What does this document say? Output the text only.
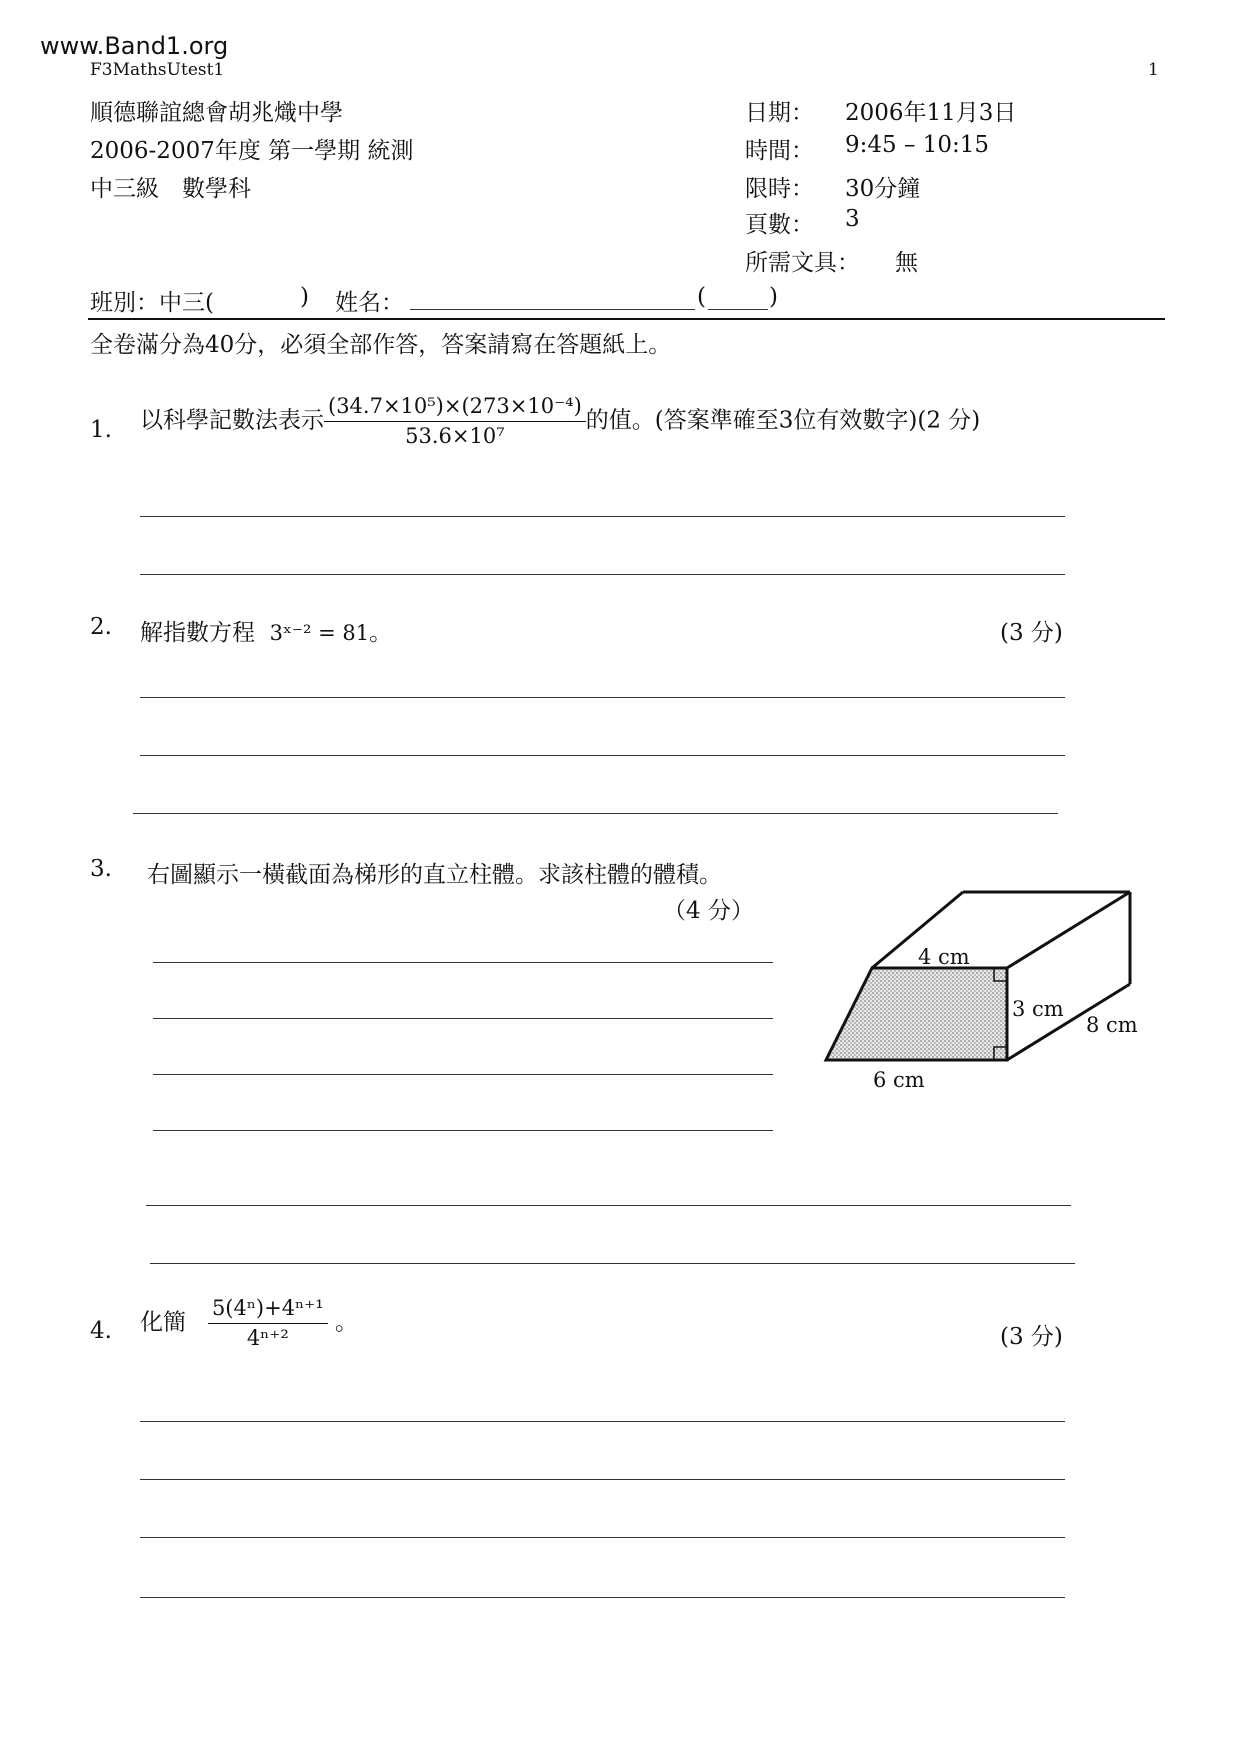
www.Band1.org
F3MathsUtest1	1
順德聯誼總會胡兆熾中學
2006-2007年度 第一學期 統測
中三級　數學科
日期： 2006年11月3日
時間： 9:45 – 10:15
限時： 30分鐘
頁數： 3
所需文具： 無
班別：中三(	) 姓名：	(	)
全卷滿分為40分，必須全部作答，答案請寫在答題紙上。
1. 以科學記數法表示 $\frac{\text{(34.7×10⁵)×(273×10⁻⁴)}}{\text{53.6×10⁷}}$ 的值。(答案準確至3位有效數字)(2 分)
2. 解指數方程 3ˣ⁻² = 81。	(3 分)
3. 右圖顯示一橫截面為梯形的直立柱體。求該柱體的體積。
（4 分）
4 cm
3 cm
8 cm
6 cm
4. 化簡 $\frac{\text{5(4ⁿ)+4ⁿ⁺¹}}{\text{4ⁿ⁺²}}$ 。
(3 分)
